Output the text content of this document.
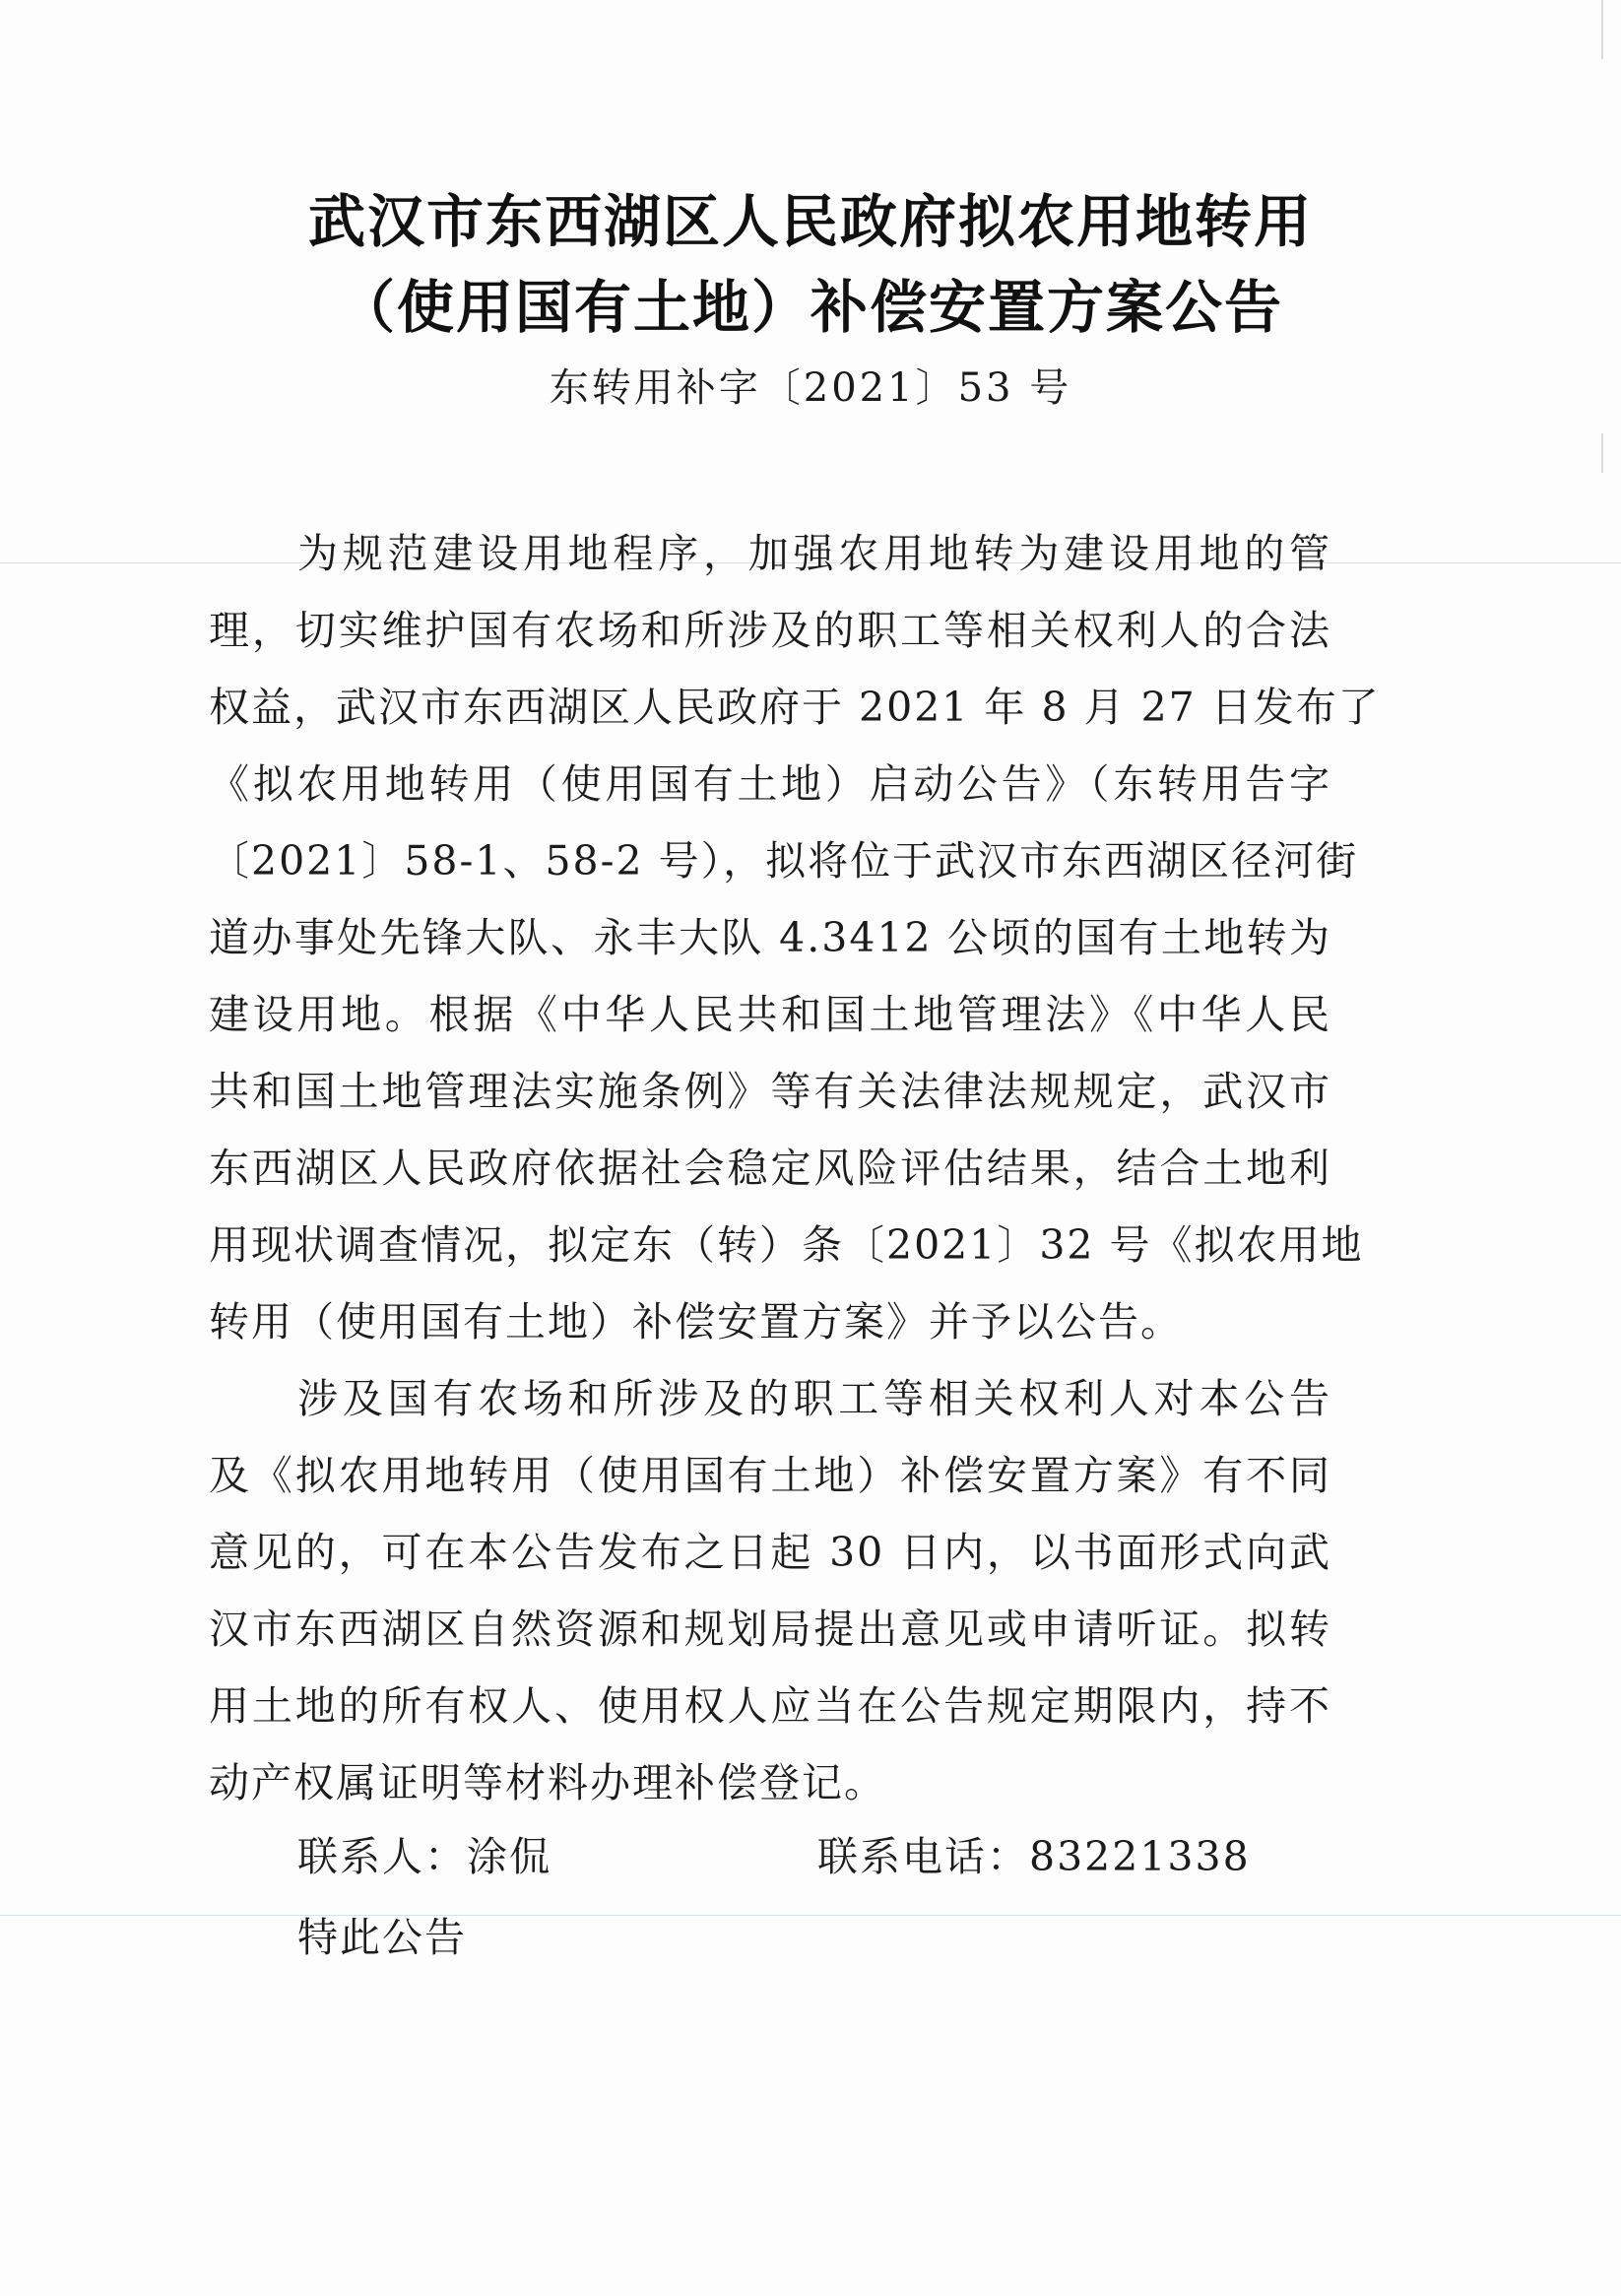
武汉市东西湖区人民政府拟农用地转用
（使用国有土地）补偿安置方案公告
东转用补字〔2021〕53 号
为规范建设用地程序，加强农用地转为建设用地的管
理，切实维护国有农场和所涉及的职工等相关权利人的合法
权益，武汉市东西湖区人民政府于 2021 年 8 月 27 日发布了
《拟农用地转用（使用国有土地）启动公告》（东转用告字
〔2021〕58-1、58-2 号），拟将位于武汉市东西湖区径河街
道办事处先锋大队、永丰大队 4.3412 公顷的国有土地转为
建设用地。根据《中华人民共和国土地管理法》《中华人民
共和国土地管理法实施条例》等有关法律法规规定，武汉市
东西湖区人民政府依据社会稳定风险评估结果，结合土地利
用现状调查情况，拟定东（转）条〔2021〕32 号《拟农用地
转用（使用国有土地）补偿安置方案》并予以公告。
涉及国有农场和所涉及的职工等相关权利人对本公告
及《拟农用地转用（使用国有土地）补偿安置方案》有不同
意见的，可在本公告发布之日起 30 日内，以书面形式向武
汉市东西湖区自然资源和规划局提出意见或申请听证。拟转
用土地的所有权人、使用权人应当在公告规定期限内，持不
动产权属证明等材料办理补偿登记。
联系人：涂侃	联系电话：83221338
特此公告
